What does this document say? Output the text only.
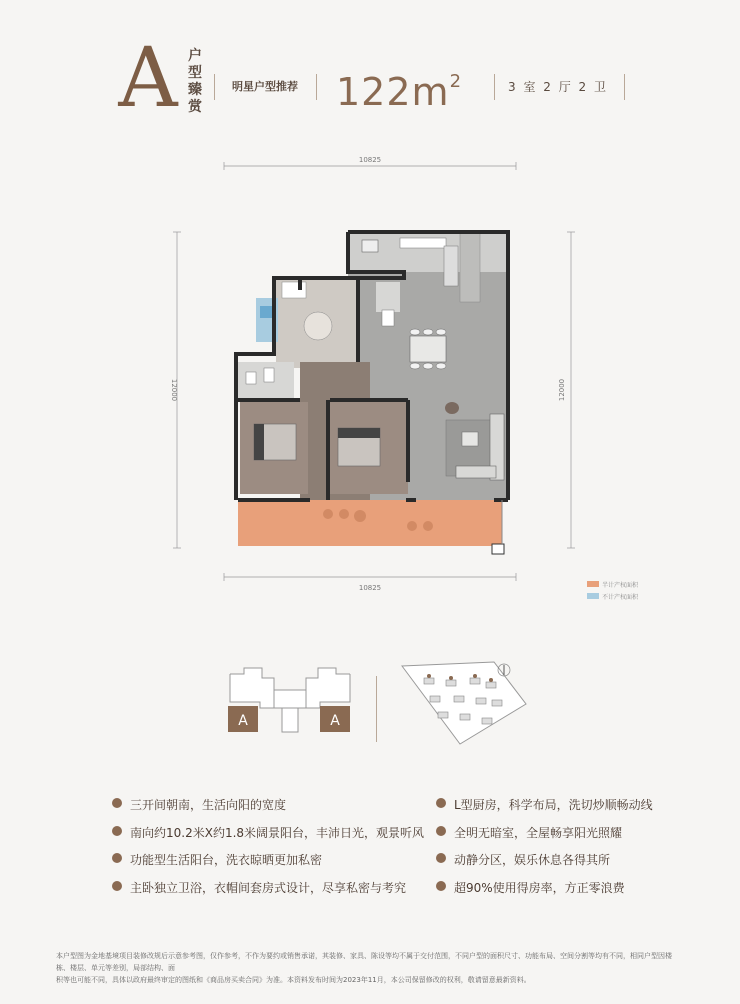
A 户型臻赏
明星户型推荐 $122m^2$	3 室 2 厅 2 卫
10825
10825
12000	12000
半计产权面积
不计产权面积
A	A
三开间朝南，生活向阳的宽度
南向约10.2米X约1.8米阔景阳台，丰沛日光，观景听风
功能型生活阳台，洗衣晾晒更加私密
主卧独立卫浴，衣帽间套房式设计，尽享私密与考究
L型厨房，科学布局，洗切炒顺畅动线
全明无暗室，全屋畅享阳光照耀
动静分区，娱乐休息各得其所
超90%使用得房率，方正零浪费
本户型图为金地基境项目装修改规后示意参考图，仅作参考，不作为要约或销售承诺，其装修、家具、陈设等均不属于交付范围，不同户型的面积尺寸、功能布局、空间分割等均有不同，相同户型因楼栋、楼层、单元等差别，局部结构、面
积等也可能不同，具体以政府最终审定的图纸和《商品房买卖合同》为准。本资料发布时间为2023年11月，本公司保留修改的权利，敬请留意最新资料。
